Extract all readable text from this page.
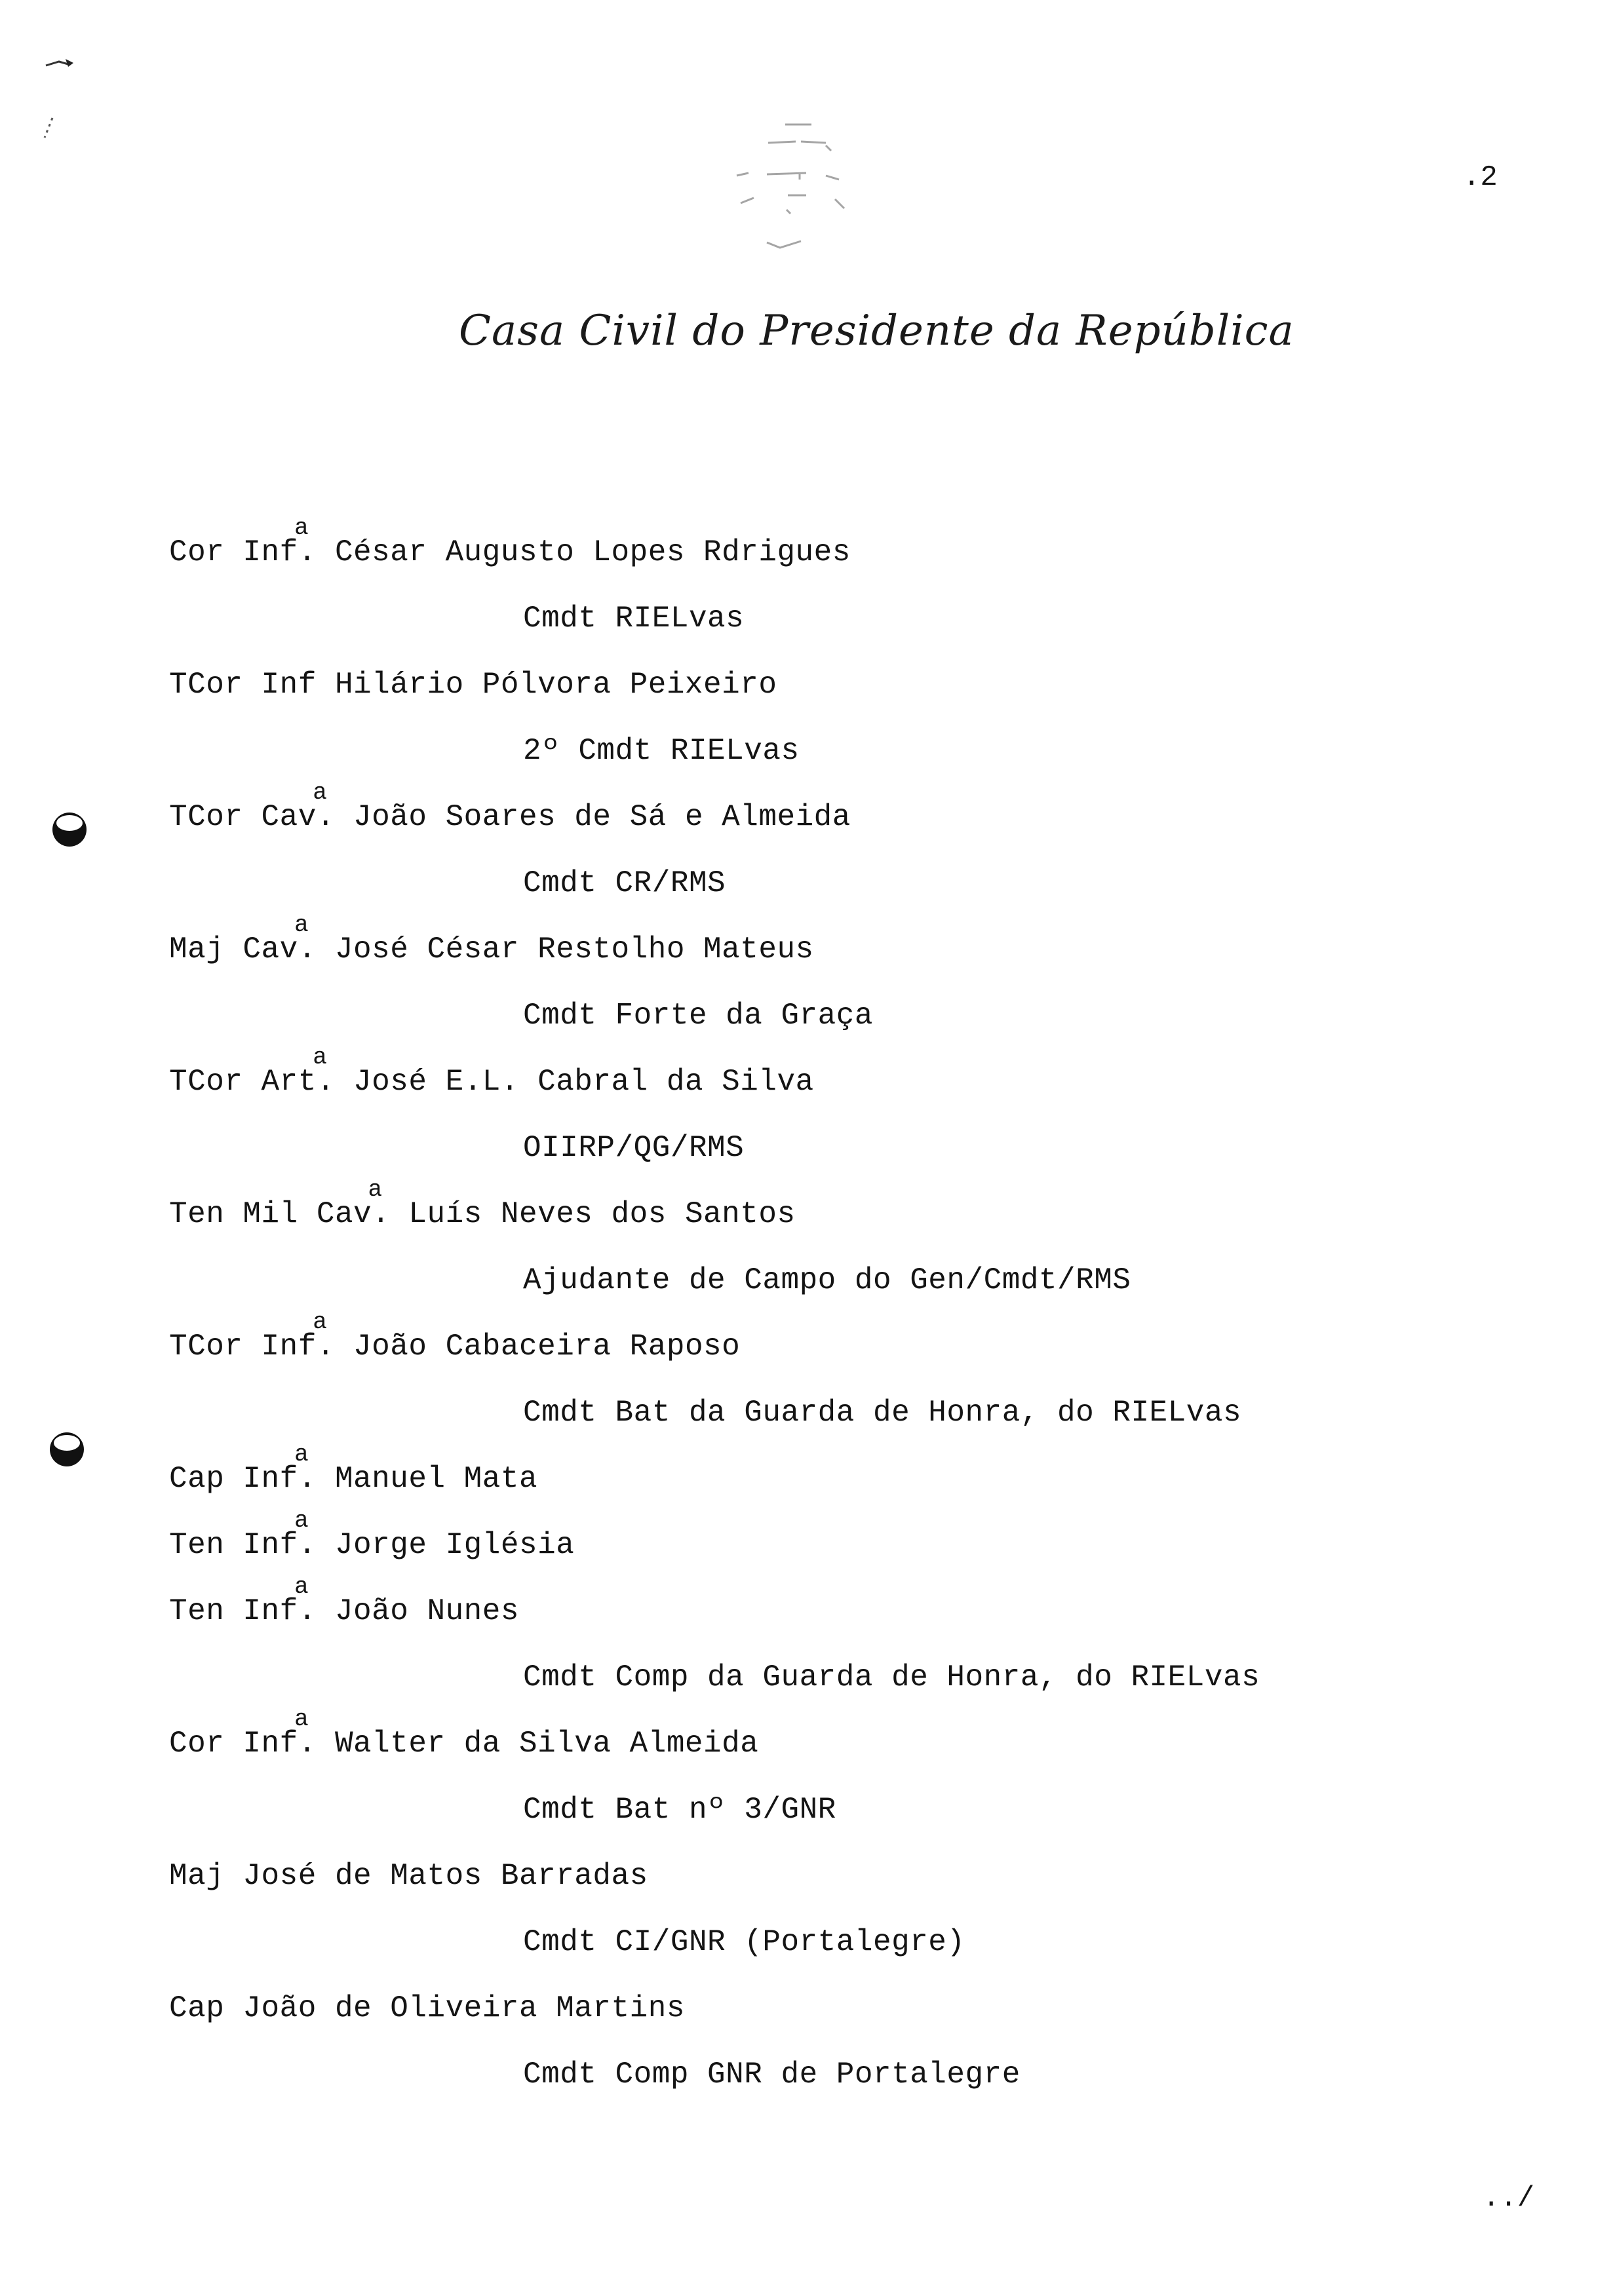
.2
Casa Civil do Presidente da República
Cor Inf.
a
César Augusto Lopes Rdrigues
Cmdt RIELvas
TCor Inf Hilário Pólvora Peixeiro
2º Cmdt RIELvas
TCor Cav.
a
João Soares de Sá e Almeida
Cmdt CR/RMS
Maj Cav.
a
José César Restolho Mateus
Cmdt Forte da Graça
TCor Art.
a
José E.L. Cabral da Silva
OIIRP/QG/RMS
Ten Mil Cav.
a
Luís Neves dos Santos
Ajudante de Campo do Gen/Cmdt/RMS
TCor Inf.
a
João Cabaceira Raposo
Cmdt Bat da Guarda de Honra, do RIELvas
Cap Inf.
a
Manuel Mata
Ten Inf.
a
Jorge Iglésia
Ten Inf.
a
João Nunes
Cmdt Comp da Guarda de Honra, do RIELvas
Cor Inf.
a
Walter da Silva Almeida
Cmdt Bat nº 3/GNR
Maj José de Matos Barradas
Cmdt CI/GNR (Portalegre)
Cap João de Oliveira Martins
Cmdt Comp GNR de Portalegre
../
